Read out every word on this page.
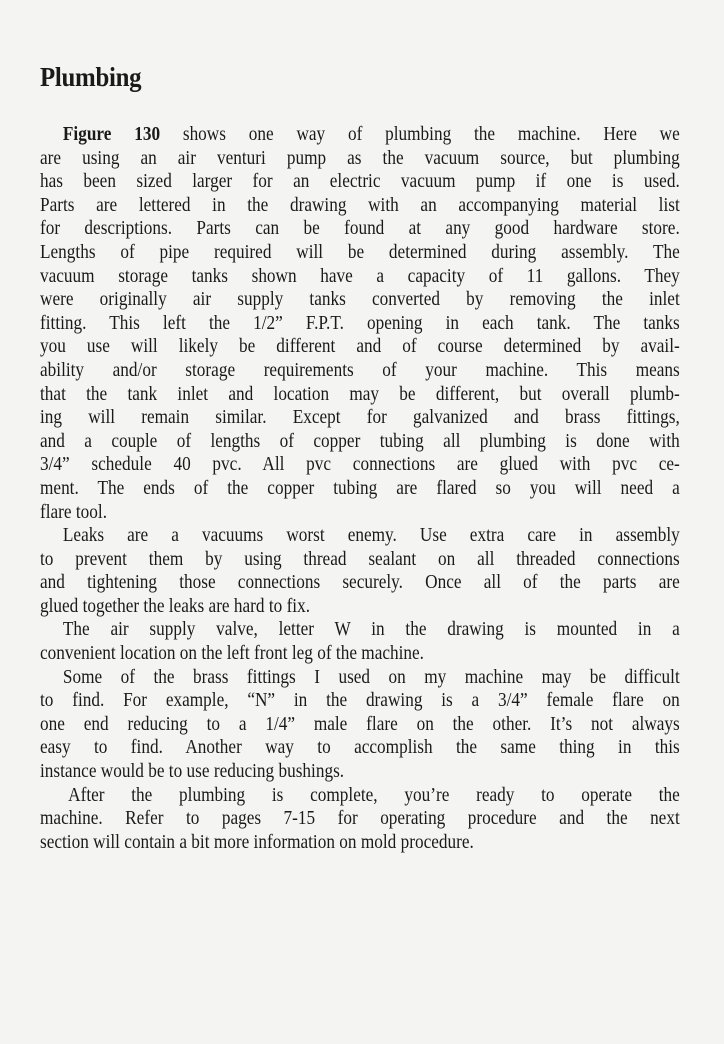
Plumbing
Figure 130 shows one way of plumbing the machine. Here we
are using an air venturi pump as the vacuum source, but plumbing
has been sized larger for an electric vacuum pump if one is used.
Parts are lettered in the drawing with an accompanying material list
for descriptions. Parts can be found at any good hardware store.
Lengths of pipe required will be determined during assembly. The
vacuum storage tanks shown have a capacity of 11 gallons. They
were originally air supply tanks converted by removing the inlet
fitting. This left the 1/2” F.P.T. opening in each tank. The tanks
you use will likely be different and of course determined by avail-
ability and/or storage requirements of your machine. This means
that the tank inlet and location may be different, but overall plumb-
ing will remain similar. Except for galvanized and brass fittings,
and a couple of lengths of copper tubing all plumbing is done with
3/4” schedule 40 pvc. All pvc connections are glued with pvc ce-
ment. The ends of the copper tubing are flared so you will need a
flare tool.
Leaks are a vacuums worst enemy. Use extra care in assembly
to prevent them by using thread sealant on all threaded connections
and tightening those connections securely. Once all of the parts are
glued together the leaks are hard to fix.
The air supply valve, letter W in the drawing is mounted in a
convenient location on the left front leg of the machine.
Some of the brass fittings I used on my machine may be difficult
to find. For example, “N” in the drawing is a 3/4” female flare on
one end reducing to a 1/4” male flare on the other. It’s not always
easy to find. Another way to accomplish the same thing in this
instance would be to use reducing bushings.
After the plumbing is complete, you’re ready to operate the
machine. Refer to pages 7-15 for operating procedure and the next
section will contain a bit more information on mold procedure.
